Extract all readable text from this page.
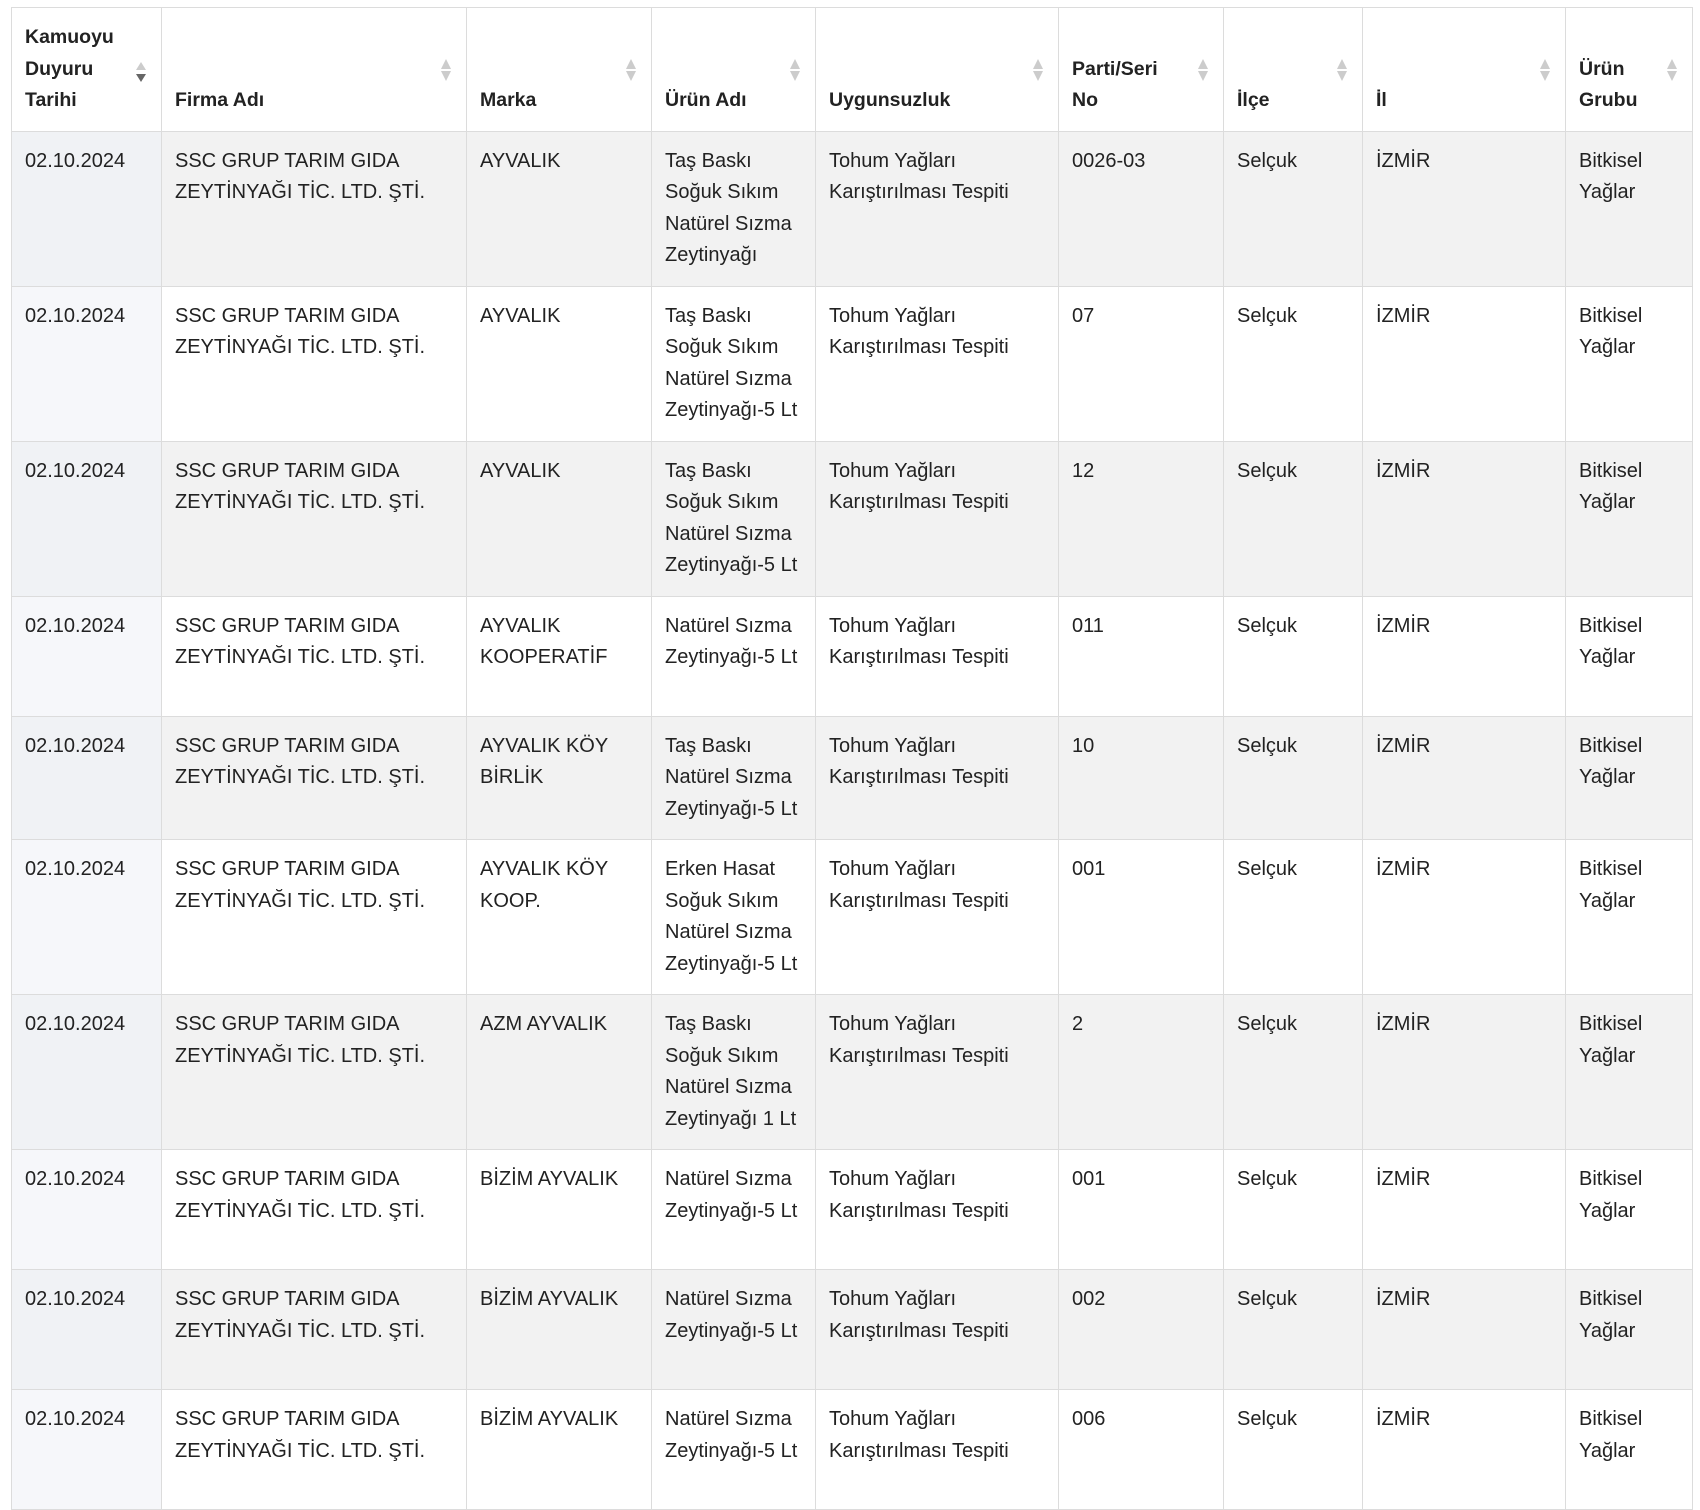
Kamuoyu Duyuru Tarihi	Firma Adı	Marka	Ürün Adı	Uygunsuzluk	Parti/Seri No	İlçe	İl	Ürün Grubu

02.10.2024	SSC GRUP TARIM GIDA ZEYTİNYAĞI TİC. LTD. ŞTİ.	AYVALIK	Taş Baskı Soğuk Sıkım Natürel Sızma Zeytinyağı	Tohum Yağları Karıştırılması Tespiti	0026-03	Selçuk	İZMİR	Bitkisel Yağlar
02.10.2024	SSC GRUP TARIM GIDA ZEYTİNYAĞI TİC. LTD. ŞTİ.	AYVALIK	Taş Baskı Soğuk Sıkım Natürel Sızma Zeytinyağı-5 Lt	Tohum Yağları Karıştırılması Tespiti	07	Selçuk	İZMİR	Bitkisel Yağlar
02.10.2024	SSC GRUP TARIM GIDA ZEYTİNYAĞI TİC. LTD. ŞTİ.	AYVALIK	Taş Baskı Soğuk Sıkım Natürel Sızma Zeytinyağı-5 Lt	Tohum Yağları Karıştırılması Tespiti	12	Selçuk	İZMİR	Bitkisel Yağlar
02.10.2024	SSC GRUP TARIM GIDA ZEYTİNYAĞI TİC. LTD. ŞTİ.	AYVALIK KOOPERATİF	Natürel Sızma Zeytinyağı-5 Lt	Tohum Yağları Karıştırılması Tespiti	011	Selçuk	İZMİR	Bitkisel Yağlar
02.10.2024	SSC GRUP TARIM GIDA ZEYTİNYAĞI TİC. LTD. ŞTİ.	AYVALIK KÖY BİRLİK	Taş Baskı Natürel Sızma Zeytinyağı-5 Lt	Tohum Yağları Karıştırılması Tespiti	10	Selçuk	İZMİR	Bitkisel Yağlar
02.10.2024	SSC GRUP TARIM GIDA ZEYTİNYAĞI TİC. LTD. ŞTİ.	AYVALIK KÖY KOOP.	Erken Hasat Soğuk Sıkım Natürel Sızma Zeytinyağı-5 Lt	Tohum Yağları Karıştırılması Tespiti	001	Selçuk	İZMİR	Bitkisel Yağlar
02.10.2024	SSC GRUP TARIM GIDA ZEYTİNYAĞI TİC. LTD. ŞTİ.	AZM AYVALIK	Taş Baskı Soğuk Sıkım Natürel Sızma Zeytinyağı 1 Lt	Tohum Yağları Karıştırılması Tespiti	2	Selçuk	İZMİR	Bitkisel Yağlar
02.10.2024	SSC GRUP TARIM GIDA ZEYTİNYAĞI TİC. LTD. ŞTİ.	BİZİM AYVALIK	Natürel Sızma Zeytinyağı-5 Lt	Tohum Yağları Karıştırılması Tespiti	001	Selçuk	İZMİR	Bitkisel Yağlar
02.10.2024	SSC GRUP TARIM GIDA ZEYTİNYAĞI TİC. LTD. ŞTİ.	BİZİM AYVALIK	Natürel Sızma Zeytinyağı-5 Lt	Tohum Yağları Karıştırılması Tespiti	002	Selçuk	İZMİR	Bitkisel Yağlar
02.10.2024	SSC GRUP TARIM GIDA ZEYTİNYAĞI TİC. LTD. ŞTİ.	BİZİM AYVALIK	Natürel Sızma Zeytinyağı-5 Lt	Tohum Yağları Karıştırılması Tespiti	006	Selçuk	İZMİR	Bitkisel Yağlar
